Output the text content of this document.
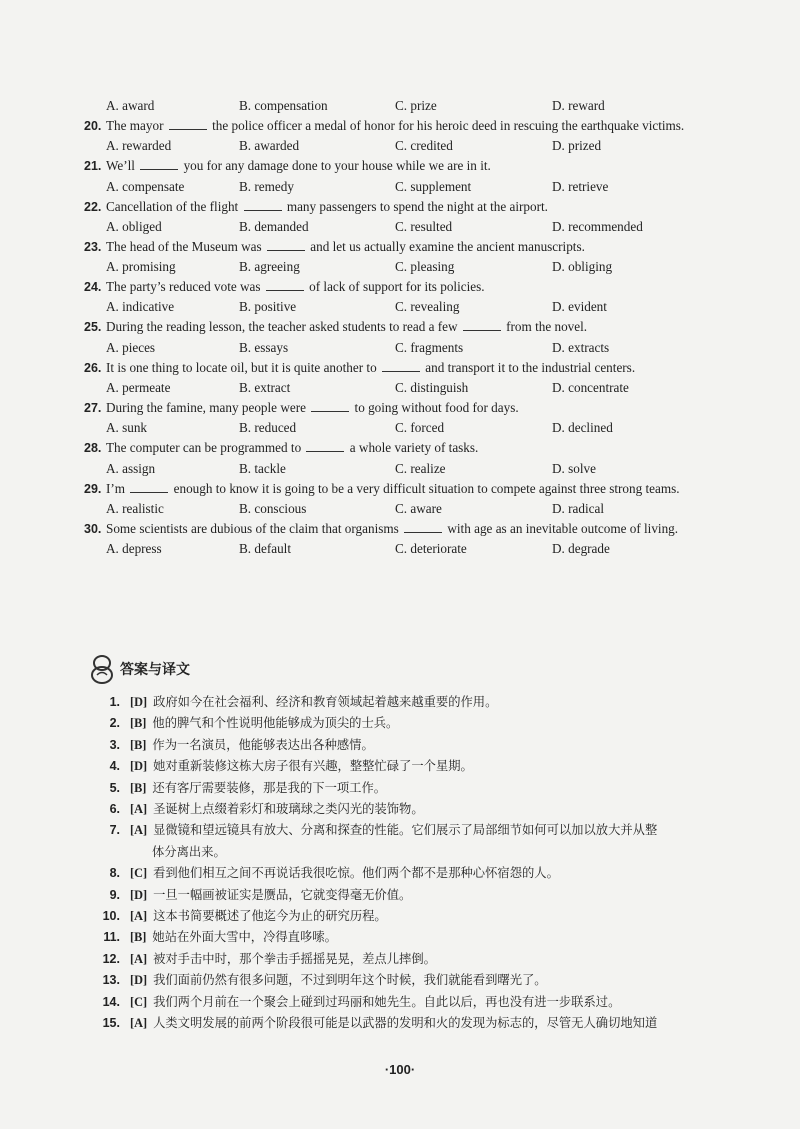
A. award	B. compensation	C. prize	D. reward
20. The mayor	the police officer a medal of honor for his heroic deed in rescuing the earthquake victims.
A. rewarded	B. awarded	C. credited	D. prized
21. We’ll	you for any damage done to your house while we are in it.
A. compensate	B. remedy	C. supplement	D. retrieve
22. Cancellation of the flight	many passengers to spend the night at the airport.
A. obliged	B. demanded	C. resulted	D. recommended
23. The head of the Museum was	and let us actually examine the ancient manuscripts.
A. promising	B. agreeing	C. pleasing	D. obliging
24. The party’s reduced vote was	of lack of support for its policies.
A. indicative	B. positive	C. revealing	D. evident
25. During the reading lesson, the teacher asked students to read a few	from the novel.
A. pieces	B. essays	C. fragments	D. extracts
26. It is one thing to locate oil, but it is quite another to	and transport it to the industrial centers.
A. permeate	B. extract	C. distinguish	D. concentrate
27. During the famine, many people were	to going without food for days.
A. sunk	B. reduced	C. forced	D. declined
28. The computer can be programmed to	a whole variety of tasks.
A. assign	B. tackle	C. realize	D. solve
29. I’m	enough to know it is going to be a very difficult situation to compete against three strong teams.
A. realistic	B. conscious	C. aware	D. radical
30. Some scientists are dubious of the claim that organisms	with age as an inevitable outcome of living.
A. depress	B. default	C. deteriorate	D. degrade
答案与译文
1. [D] 政府如今在社会福利、经济和教育领域起着越来越重要的作用。
2. [B] 他的脾气和个性说明他能够成为顶尖的士兵。
3. [B] 作为一名演员，他能够表达出各种感情。
4. [D] 她对重新装修这栋大房子很有兴趣，整整忙碌了一个星期。
5. [B] 还有客厅需要装修，那是我的下一项工作。
6. [A] 圣诞树上点缀着彩灯和玻璃球之类闪光的装饰物。
7. [A] 显微镜和望远镜具有放大、分离和探查的性能。它们展示了局部细节如何可以加以放大并从整
体分离出来。
8. [C] 看到他们相互之间不再说话我很吃惊。他们两个都不是那种心怀宿怨的人。
9. [D] 一旦一幅画被证实是赝品，它就变得毫无价值。
10. [A] 这本书简要概述了他迄今为止的研究历程。
11. [B] 她站在外面大雪中，冷得直哆嗦。
12. [A] 被对手击中时，那个拳击手摇摇晃晃，差点儿摔倒。
13. [D] 我们面前仍然有很多问题，不过到明年这个时候，我们就能看到曙光了。
14. [C] 我们两个月前在一个聚会上碰到过玛丽和她先生。自此以后，再也没有进一步联系过。
15. [A] 人类文明发展的前两个阶段很可能是以武器的发明和火的发现为标志的，尽管无人确切地知道
·100·
